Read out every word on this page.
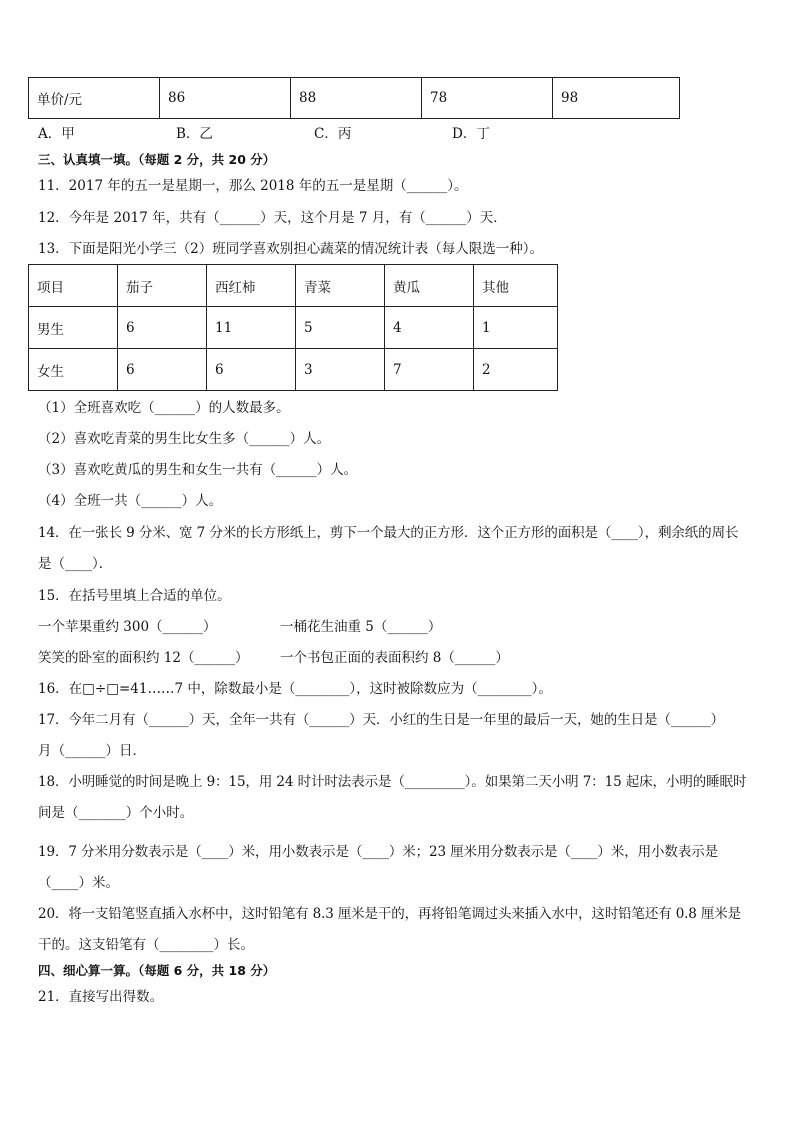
单价/元	86	88	78	98
A．甲	B．乙	C．丙	D．丁
三、认真填一填。（每题 2 分，共 20 分）
11．2017 年的五一是星期一，那么 2018 年的五一是星期（______）。
12．今年是 2017 年，共有（______）天，这个月是 7 月，有（______）天．
13．下面是阳光小学三（2）班同学喜欢别担心蔬菜的情况统计表（每人限选一种）。
项目	茄子	西红柿	青菜	黄瓜	其他
男生	6	11	5	4	1
女生	6	6	3	7	2
（1）全班喜欢吃（______）的人数最多。
（2）喜欢吃青菜的男生比女生多（______）人。
（3）喜欢吃黄瓜的男生和女生一共有（______）人。
（4）全班一共（______）人。
14．在一张长 9 分米、宽 7 分米的长方形纸上，剪下一个最大的正方形．这个正方形的面积是（____），剩余纸的周长
是（____）．
15．在括号里填上合适的单位。
一个苹果重约 300（______）	一桶花生油重 5（______）
笑笑的卧室的面积约 12（______） 一个书包正面的表面积约 8（______）
16．在□÷□=41……7 中，除数最小是（________），这时被除数应为（________）。
17．今年二月有（______）天，全年一共有（______）天．小红的生日是一年里的最后一天，她的生日是（______）
月（______）日．
18．小明睡觉的时间是晚上 9：15，用 24 时计时法表示是（_________）。如果第二天小明 7：15 起床，小明的睡眠时
间是（_______）个小时。
19．7 分米用分数表示是（____）米，用小数表示是（____）米；23 厘米用分数表示是（____）米，用小数表示是
（____）米。
20．将一支铅笔竖直插入水杯中，这时铅笔有 8.3 厘米是干的，再将铅笔调过头来插入水中，这时铅笔还有 0.8 厘米是
干的。这支铅笔有（________）长。
四、细心算一算。（每题 6 分，共 18 分）
21．直接写出得数。
